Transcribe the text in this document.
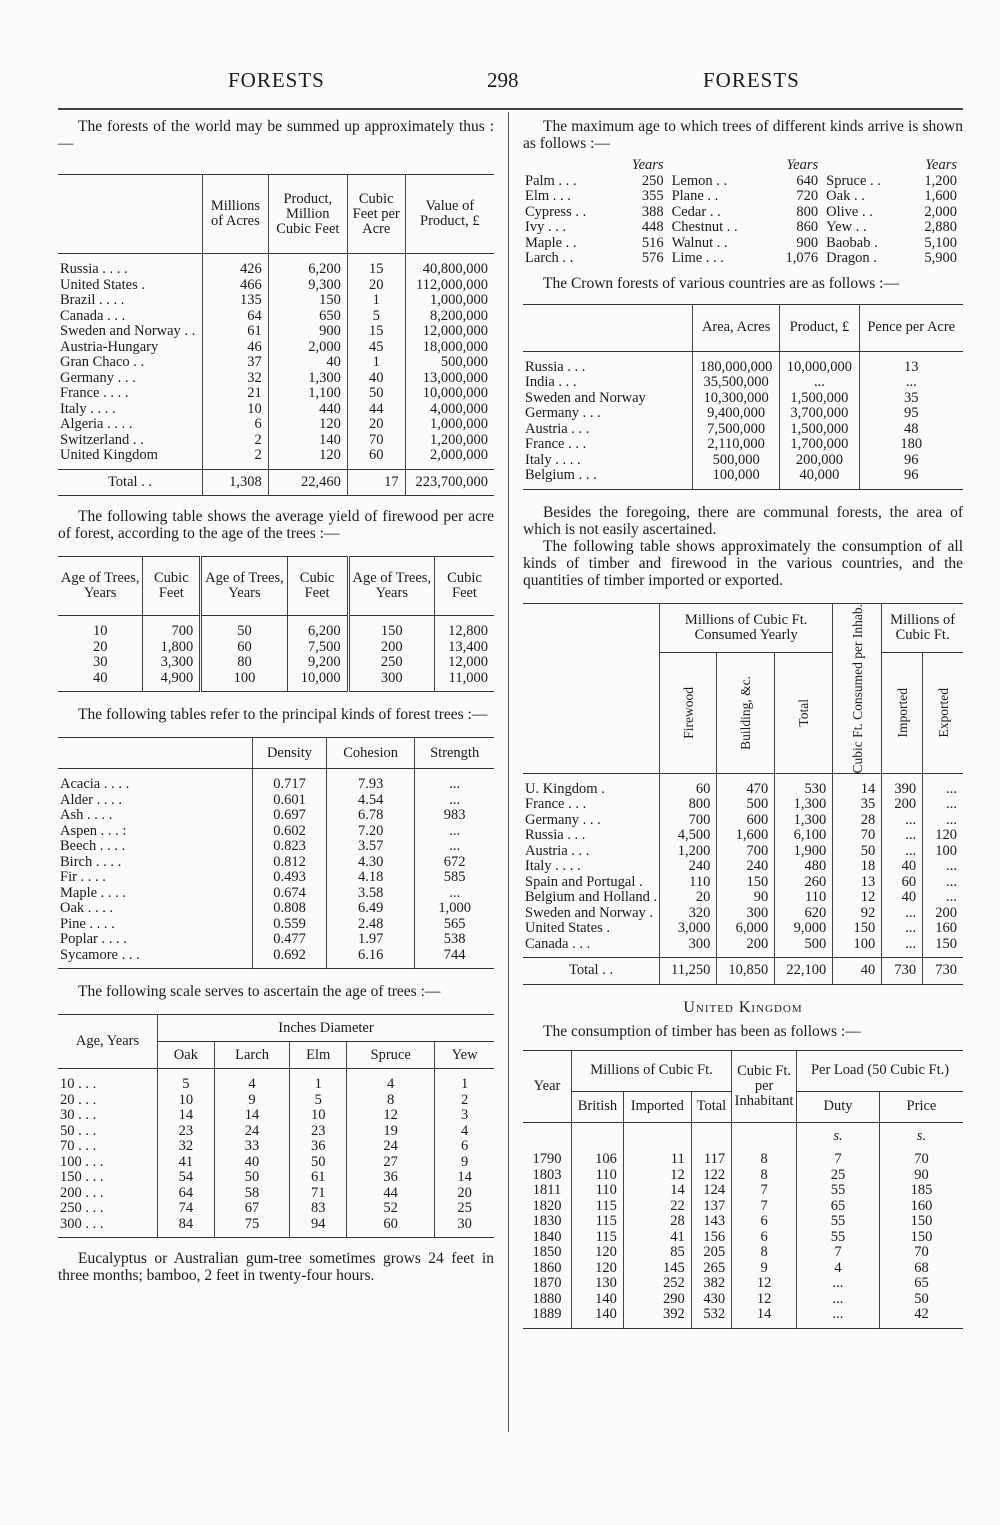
FORESTS	298	FORESTS

The forests of the world may be summed up approximately thus :—

	Millions of Acres	Product, Million Cubic Feet	Cubic Feet per Acre	Value of Product, £
Russia . . . .	426	6,200	15	40,800,000
United States .	466	9,300	20	112,000,000
Brazil . . . .	135	150	1	1,000,000
Canada . . .	64	650	5	8,200,000
Sweden and Norway . .	61	900	15	12,000,000
Austria-Hungary	46	2,000	45	18,000,000
Gran Chaco . .	37	40	1	500,000
Germany . . .	32	1,300	40	13,000,000
France . . . .	21	1,100	50	10,000,000
Italy . . . .	10	440	44	4,000,000
Algeria . . . .	6	120	20	1,000,000
Switzerland . .	2	140	70	1,200,000
United Kingdom	2	120	60	2,000,000
Total . .	1,308	22,460	17	223,700,000

The following table shows the average yield of firewood per acre of forest, according to the age of the trees :—

Age of Trees, Years	Cubic Feet	Age of Trees, Years	Cubic Feet	Age of Trees, Years	Cubic Feet
10	700	50	6,200	150	12,800
20	1,800	60	7,500	200	13,400
30	3,300	80	9,200	250	12,000
40	4,900	100	10,000	300	11,000

The following tables refer to the principal kinds of forest trees :—

	Density	Cohesion	Strength
Acacia . . . .	0.717	7.93	...
Alder . . . .	0.601	4.54	...
Ash . . . .	0.697	6.78	983
Aspen . . . :	0.602	7.20	...
Beech . . . .	0.823	3.57	...
Birch . . . .	0.812	4.30	672
Fir . . . .	0.493	4.18	585
Maple . . . .	0.674	3.58	...
Oak . . . .	0.808	6.49	1,000
Pine . . . .	0.559	2.48	565
Poplar . . . .	0.477	1.97	538
Sycamore . . .	0.692	6.16	744

The following scale serves to ascertain the age of trees :—

Age, Years	Inches Diameter				
	Oak	Larch	Elm	Spruce	Yew
10 . . .	5	4	1	4	1
20 . . .	10	9	5	8	2
30 . . .	14	14	10	12	3
50 . . .	23	24	23	19	4
70 . . .	32	33	36	24	6
100 . . .	41	40	50	27	9
150 . . .	54	50	61	36	14
200 . . .	64	58	71	44	20
250 . . .	74	67	83	52	25
300 . . .	84	75	94	60	30

Eucalyptus or Australian gum-tree sometimes grows 24 feet in three months; bamboo, 2 feet in twenty-four hours.

The maximum age to which trees of different kinds arrive is shown as follows :—

	Years		Years		Years
Palm . . .	250	Lemon . .	640	Spruce . .	1,200
Elm . . .	355	Plane . .	720	Oak . .	1,600
Cypress . .	388	Cedar . .	800	Olive . .	2,000
Ivy . . .	448	Chestnut . .	860	Yew . .	2,880
Maple . .	516	Walnut . .	900	Baobab .	5,100
Larch . .	576	Lime . . .	1,076	Dragon .	5,900

The Crown forests of various countries are as follows :—

	Area, Acres	Product, £	Pence per Acre
Russia . . .	180,000,000	10,000,000	13
India . . .	35,500,000	...	...
Sweden and Norway	10,300,000	1,500,000	35
Germany . . .	9,400,000	3,700,000	95
Austria . . .	7,500,000	1,500,000	48
France . . .	2,110,000	1,700,000	180
Italy . . . .	500,000	200,000	96
Belgium . . .	100,000	40,000	96

Besides the foregoing, there are communal forests, the area of which is not easily ascertained.

The following table shows approximately the consumption of all kinds of timber and firewood in the various countries, and the quantities of timber imported or exported.

	Millions of Cubic Ft. Consumed Yearly			Cubic Ft. Consumed per Inhab.	Millions of Cubic Ft.	

	Firewood	Building, &c.	Total		Imported	Exported

U. Kingdom .	60	470	530	14	390	...
France . . .	800	500	1,300	35	200	...
Germany . . .	700	600	1,300	28	...	...
Russia . . .	4,500	1,600	6,100	70	...	120
Austria . . .	1,200	700	1,900	50	...	100
Italy . . . .	240	240	480	18	40	...
Spain and Portugal .	110	150	260	13	60	...
Belgium and Holland .	20	90	110	12	40	...
Sweden and Norway .	320	300	620	92	...	200
United States .	3,000	6,000	9,000	150	...	160
Canada . . .	300	200	500	100	...	150
Total . .	11,250	10,850	22,100	40	730	730
United Kingdom

The consumption of timber has been as follows :—

Year	Millions of Cubic Ft.			Cubic Ft. per Inhabitant	Per Load (50 Cubic Ft.)	
	British	Imported	Total		Duty	Price
					s.	s.
1790	106	11	117	8	7	70
1803	110	12	122	8	25	90
1811	110	14	124	7	55	185
1820	115	22	137	7	65	160
1830	115	28	143	6	55	150
1840	115	41	156	6	55	150
1850	120	85	205	8	7	70
1860	120	145	265	9	4	68
1870	130	252	382	12	...	65
1880	140	290	430	12	...	50
1889	140	392	532	14	...	42
